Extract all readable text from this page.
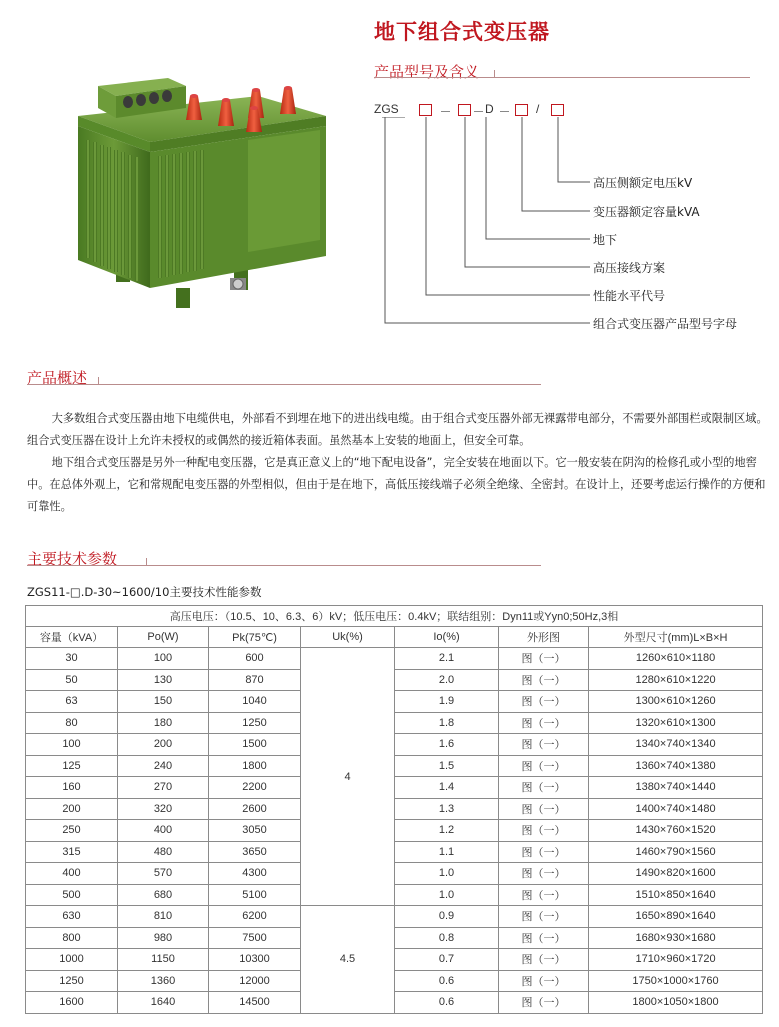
地下组合式变压器
产品型号及含义
ZGS	D	/
高压侧额定电压kV
变压器额定容量kVA
地下
高压接线方案
性能水平代号
组合式变压器产品型号字母
产品概述

大多数组合式变压器由地下电缆供电，外部看不到埋在地下的进出线电缆。由于组合式变压器外部无裸露带电部分，不需要外部围栏或限制区域。组合式变压器在设计上允许未授权的或偶然的接近箱体表面。虽然基本上安装的地面上，但安全可靠。

地下组合式变压器是另外一种配电变压器，它是真正意义上的“地下配电设备”，完全安装在地面以下。它一般安装在阴沟的检修孔或小型的地窖中。在总体外观上，它和常规配电变压器的外型相似，但由于是在地下，高低压接线端子必须全绝缘、全密封。在设计上，还要考虑运行操作的方便和可靠性。

主要技术参数
ZGS11-□.D-30~1600/10主要技术性能参数
高压电压：（10.5、10、6.3、6）kV；低压电压：0.4kV；联结组别：Dyn11或Yyn0;50Hz,3相						
容量（kVA）	Po(W)	Pk(75℃)	Uk(%)	Io(%)	外形图	外型尺寸(mm)L×B×H
30	100	600	4	2.1	图（一）	1260×610×1180
50	130	870		2.0	图（一）	1280×610×1220
63	150	1040		1.9	图（一）	1300×610×1260
80	180	1250		1.8	图（一）	1320×610×1300
100	200	1500		1.6	图（一）	1340×740×1340
125	240	1800		1.5	图（一）	1360×740×1380
160	270	2200		1.4	图（一）	1380×740×1440
200	320	2600		1.3	图（一）	1400×740×1480
250	400	3050		1.2	图（一）	1430×760×1520
315	480	3650		1.1	图（一）	1460×790×1560
400	570	4300		1.0	图（一）	1490×820×1600
500	680	5100		1.0	图（一）	1510×850×1640
630	810	6200	4.5	0.9	图（一）	1650×890×1640
800	980	7500		0.8	图（一）	1680×930×1680
1000	1150	10300		0.7	图（一）	1710×960×1720
1250	1360	12000		0.6	图（一）	1750×1000×1760
1600	1640	14500		0.6	图（一）	1800×1050×1800
